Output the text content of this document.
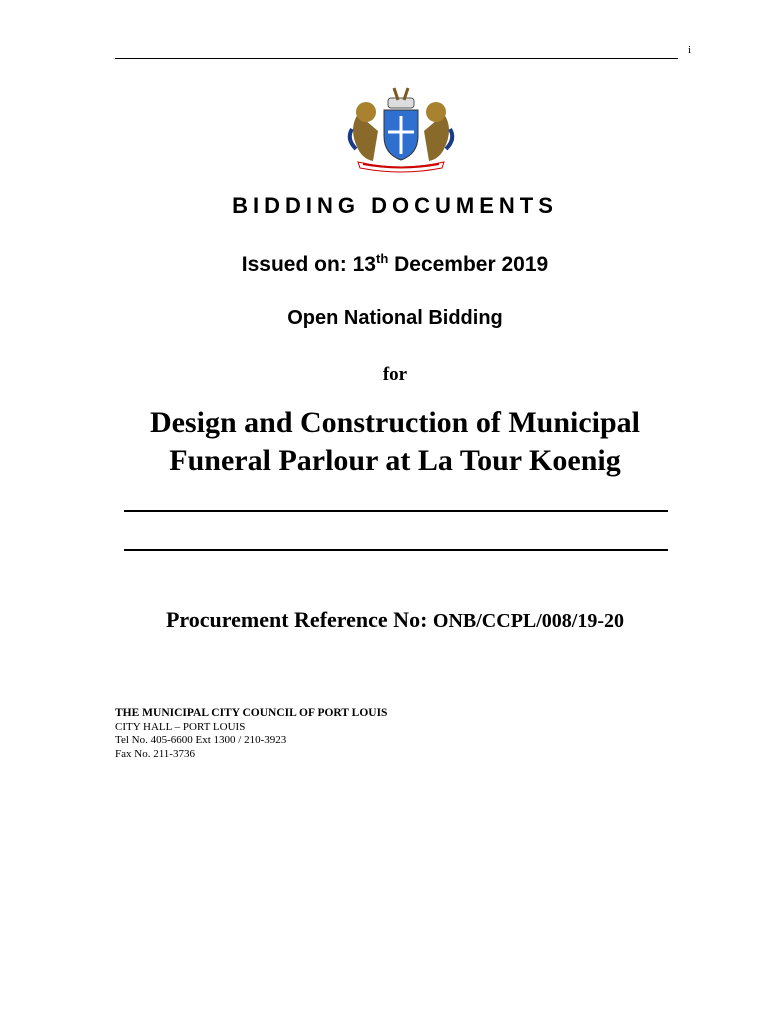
i
BIDDING DOCUMENTS
Issued on: 13th December 2019
Open National Bidding
for
Design and Construction of Municipal
Funeral Parlour at La Tour Koenig
Procurement Reference No: ONB/CCPL/008/19-20
THE MUNICIPAL CITY COUNCIL OF PORT LOUIS
CITY HALL – PORT LOUIS
Tel No. 405-6600 Ext 1300 / 210-3923
Fax No. 211-3736
